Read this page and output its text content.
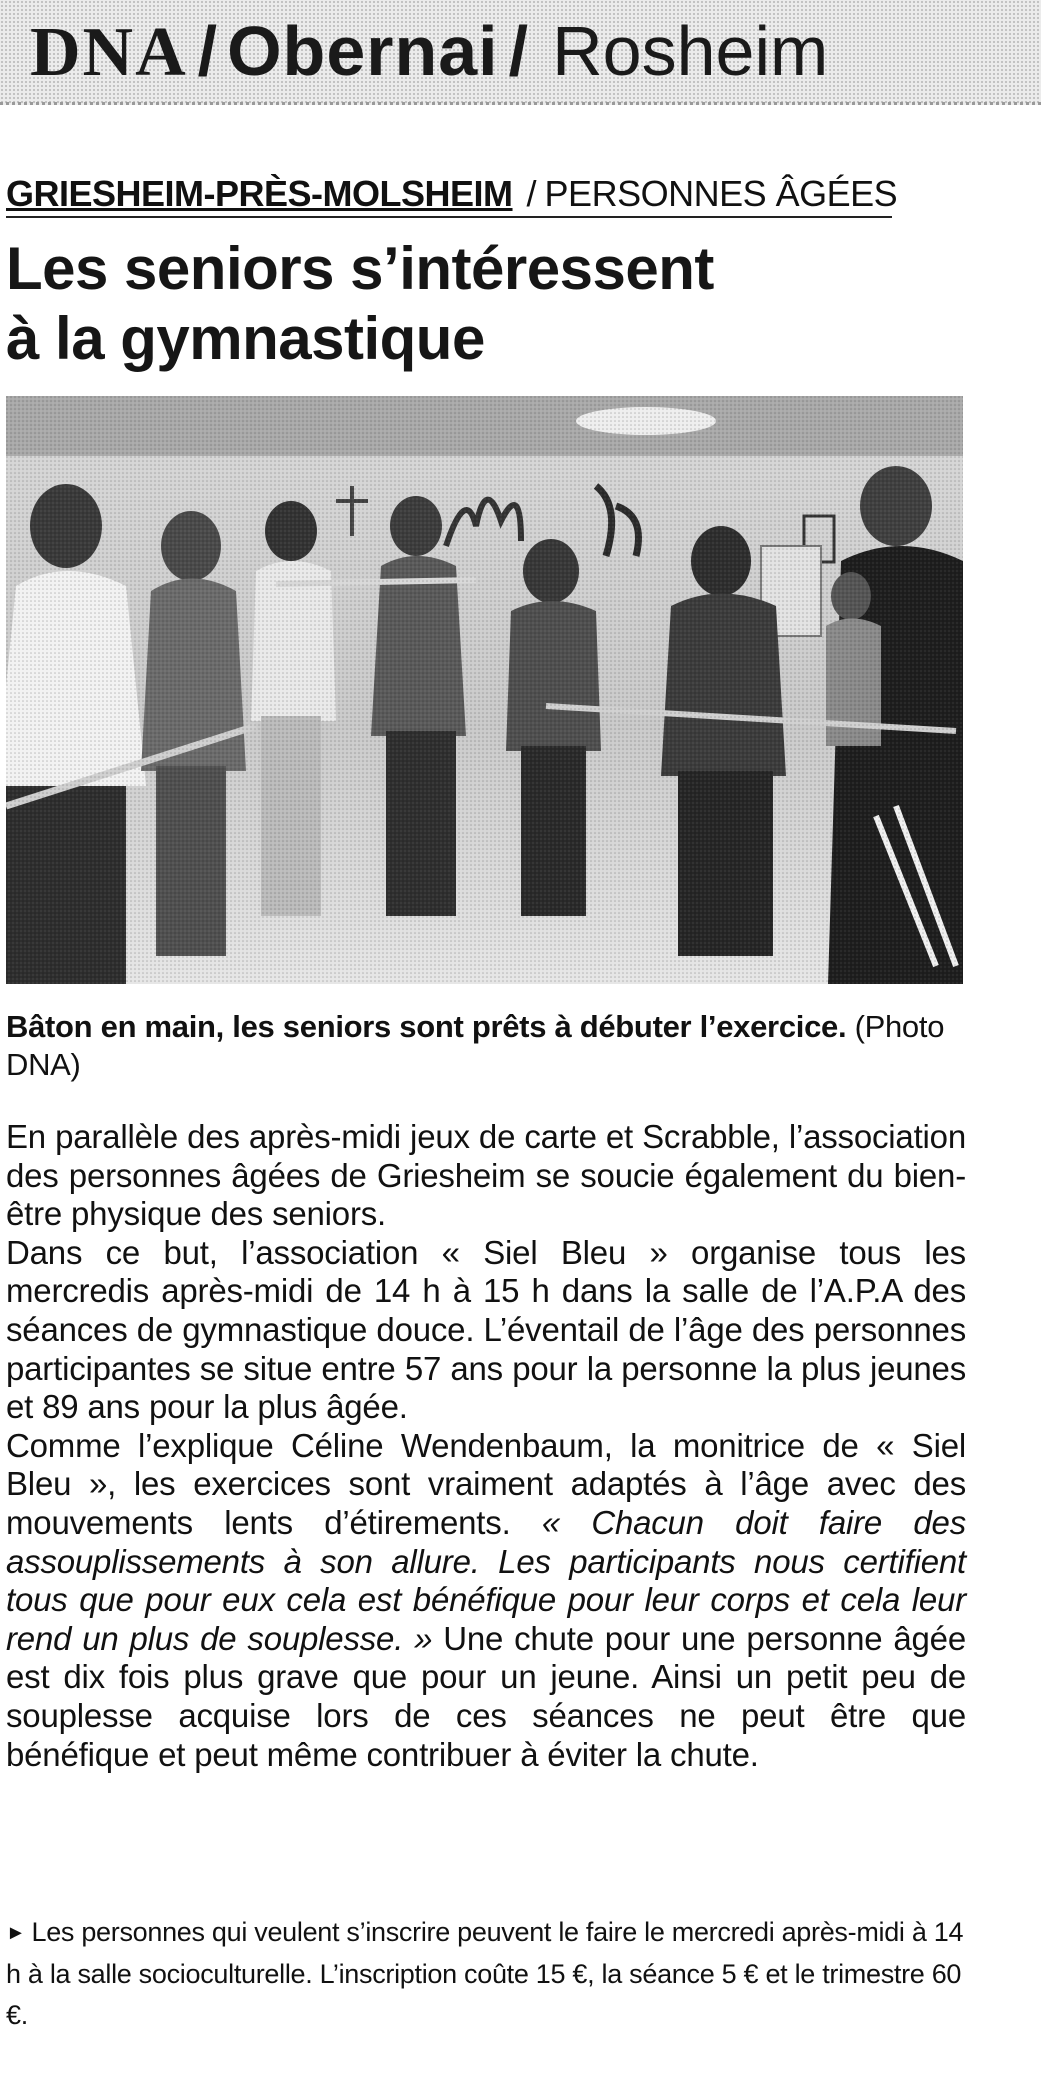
DNA / Obernai / Rosheim
GRIESHEIM-PRÈS-MOLSHEIM / PERSONNES ÂGÉES
Les seniors s’intéressent
à la gymnastique
Bâton en main, les seniors sont prêts à débuter l’exercice. (Photo DNA)

En parallèle des après-midi jeux de carte et Scrabble, l’association des personnes âgées de Griesheim se soucie également du bien-être physique des seniors.

Dans ce but, l’association « Siel Bleu » organise tous les mercredis après-midi de 14 h à 15 h dans la salle de l’A.P.A des séances de gymnastique douce. L’éventail de l’âge des personnes participantes se situe entre 57 ans pour la personne la plus jeunes et 89 ans pour la plus âgée.

Comme l’explique Céline Wendenbaum, la monitrice de « Siel Bleu », les exercices sont vraiment adaptés à l’âge avec des mouvements lents d’étirements. « Chacun doit faire des assouplissements à son allure. Les participants nous certifient tous que pour eux cela est bénéfique pour leur corps et cela leur rend un plus de souplesse. » Une chute pour une personne âgée est dix fois plus grave que pour un jeune. Ainsi un petit peu de souplesse acquise lors de ces séances ne peut être que bénéfique et peut même contribuer à éviter la chute.

► Les personnes qui veulent s’inscrire peuvent le faire le mercredi après-midi à 14 h à la salle socioculturelle. L’inscription coûte 15 €, la séance 5 € et le trimestre 60 €.
